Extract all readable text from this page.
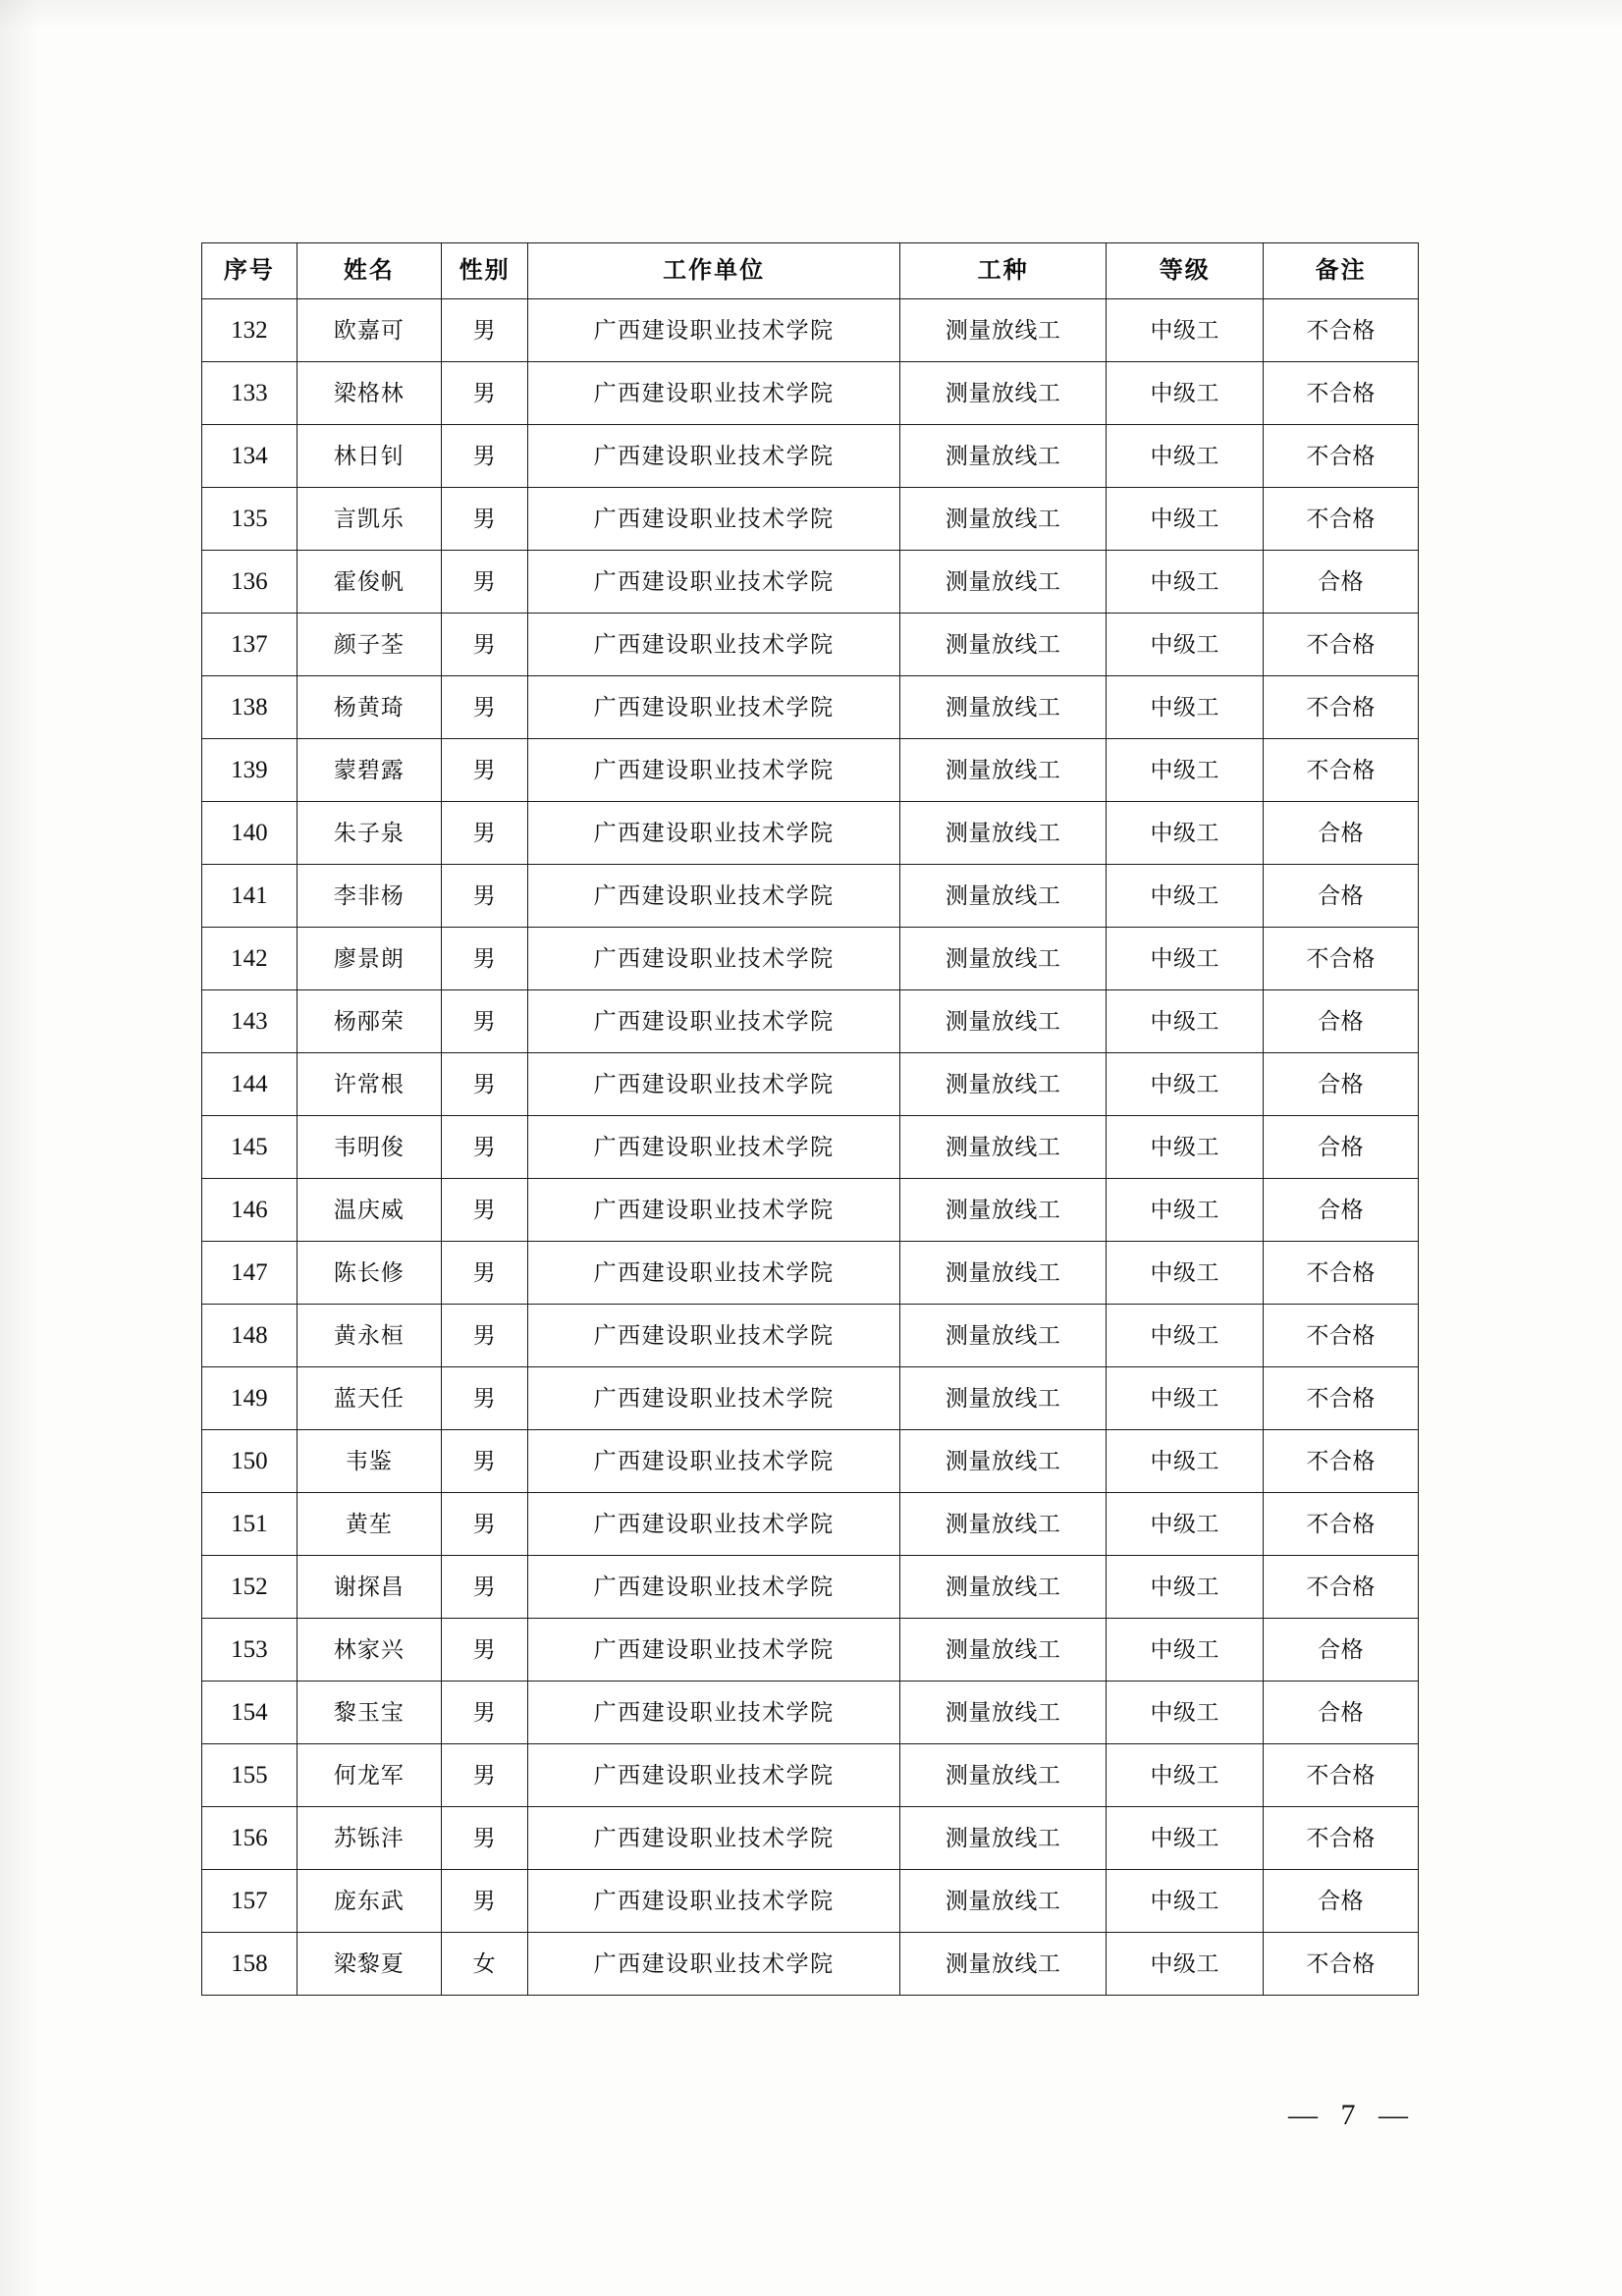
序号	姓名	性别	工作单位	工种	等级	备注
132	欧嘉可	男	广西建设职业技术学院	测量放线工	中级工	不合格
133	梁格林	男	广西建设职业技术学院	测量放线工	中级工	不合格
134	林日钊	男	广西建设职业技术学院	测量放线工	中级工	不合格
135	言凯乐	男	广西建设职业技术学院	测量放线工	中级工	不合格
136	霍俊帆	男	广西建设职业技术学院	测量放线工	中级工	合格
137	颜子荃	男	广西建设职业技术学院	测量放线工	中级工	不合格
138	杨黄琦	男	广西建设职业技术学院	测量放线工	中级工	不合格
139	蒙碧露	男	广西建设职业技术学院	测量放线工	中级工	不合格
140	朱子泉	男	广西建设职业技术学院	测量放线工	中级工	合格
141	李非杨	男	广西建设职业技术学院	测量放线工	中级工	合格
142	廖景朗	男	广西建设职业技术学院	测量放线工	中级工	不合格
143	杨邴荣	男	广西建设职业技术学院	测量放线工	中级工	合格
144	许常根	男	广西建设职业技术学院	测量放线工	中级工	合格
145	韦明俊	男	广西建设职业技术学院	测量放线工	中级工	合格
146	温庆威	男	广西建设职业技术学院	测量放线工	中级工	合格
147	陈长修	男	广西建设职业技术学院	测量放线工	中级工	不合格
148	黄永桓	男	广西建设职业技术学院	测量放线工	中级工	不合格
149	蓝天任	男	广西建设职业技术学院	测量放线工	中级工	不合格
150	韦鉴	男	广西建设职业技术学院	测量放线工	中级工	不合格
151	黄苼	男	广西建设职业技术学院	测量放线工	中级工	不合格
152	谢探昌	男	广西建设职业技术学院	测量放线工	中级工	不合格
153	林家兴	男	广西建设职业技术学院	测量放线工	中级工	合格
154	黎玉宝	男	广西建设职业技术学院	测量放线工	中级工	合格
155	何龙军	男	广西建设职业技术学院	测量放线工	中级工	不合格
156	苏铄沣	男	广西建设职业技术学院	测量放线工	中级工	不合格
157	庞东武	男	广西建设职业技术学院	测量放线工	中级工	合格
158	梁黎夏	女	广西建设职业技术学院	测量放线工	中级工	不合格
— 7 —
